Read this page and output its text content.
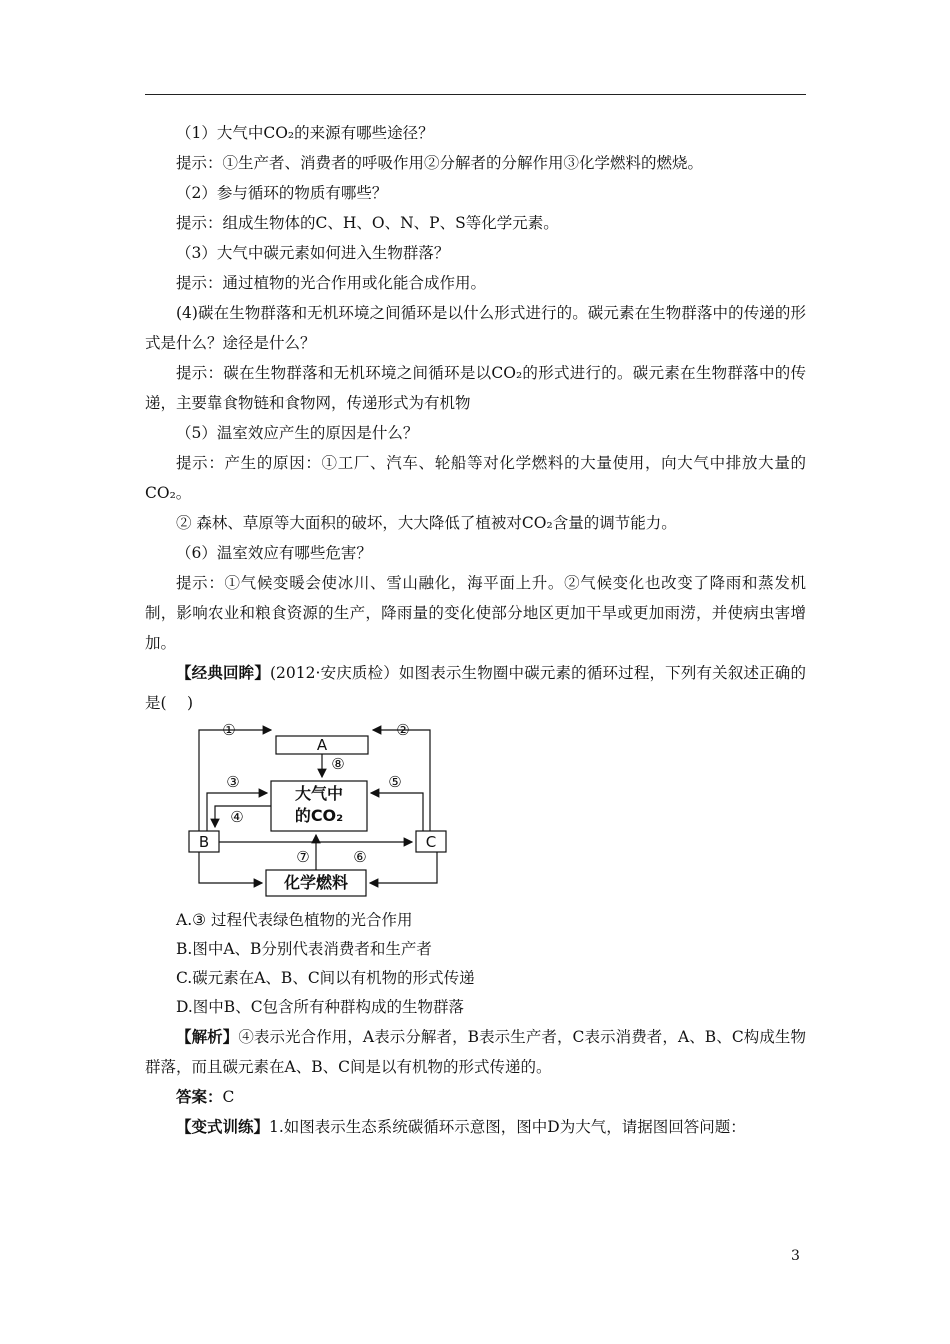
（1）大气中CO₂的来源有哪些途径？

提示：①生产者、消费者的呼吸作用②分解者的分解作用③化学燃料的燃烧。

（2）参与循环的物质有哪些？

提示：组成生物体的C、H、O、N、P、S等化学元素。

（3）大气中碳元素如何进入生物群落？

提示：通过植物的光合作用或化能合成作用。

(4)碳在生物群落和无机环境之间循环是以什么形式进行的。碳元素在生物群落中的传递的形式是什么？途径是什么？

提示：碳在生物群落和无机环境之间循环是以CO₂的形式进行的。碳元素在生物群落中的传递，主要靠食物链和食物网，传递形式为有机物

（5）温室效应产生的原因是什么？

提示：产生的原因：①工厂、汽车、轮船等对化学燃料的大量使用，向大气中排放大量的CO₂。

② 森林、草原等大面积的破坏，大大降低了植被对CO₂含量的调节能力。

（6）温室效应有哪些危害？

提示：①气候变暖会使冰川、雪山融化，海平面上升。②气候变化也改变了降雨和蒸发机制，影响农业和粮食资源的生产，降雨量的变化使部分地区更加干旱或更加雨涝，并使病虫害增加。

【经典回眸】(2012·安庆质检）如图表示生物圈中碳元素的循环过程，下列有关叙述正确的是(　 )

A
大气中
的CO₂
B	C
化学燃料
①	②
③
④
⑤
⑥
⑦
⑧

A.③ 过程代表绿色植物的光合作用

B.图中A、B分别代表消费者和生产者

C.碳元素在A、B、C间以有机物的形式传递

D.图中B、C包含所有种群构成的生物群落

【解析】④表示光合作用，A表示分解者，B表示生产者，C表示消费者，A、B、C构成生物群落，而且碳元素在A、B、C间是以有机物的形式传递的。

答案：C

【变式训练】1.如图表示生态系统碳循环示意图，图中D为大气，请据图回答问题：

3
